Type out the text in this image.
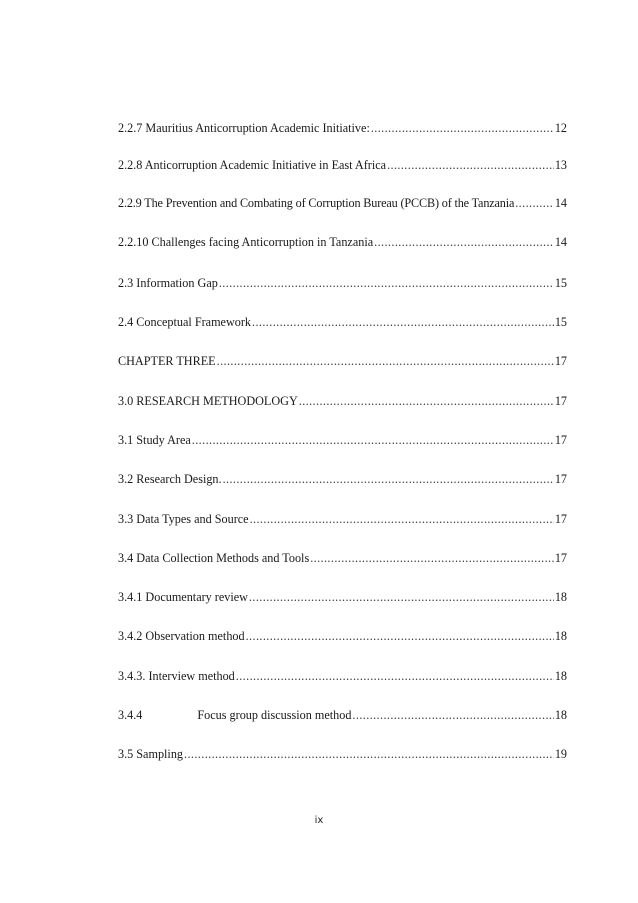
2.2.7 Mauritius Anticorruption Academic Initiative: .....	12
2.2.8 Anticorruption Academic Initiative in East Africa .....	13
2.2.9 The Prevention and Combating of Corruption Bureau (PCCB) of the Tanzania .....	14
2.2.10 Challenges facing Anticorruption in Tanzania .....	14
2.3 Information Gap .....	15
2.4 Conceptual Framework .....	15
CHAPTER THREE .....	17
3.0 RESEARCH METHODOLOGY .....	17
3.1 Study Area .....	17
3.2 Research Design. .....	17
3.3 Data Types and Source .....	17
3.4 Data Collection Methods and Tools .....	17
3.4.1 Documentary review .....	18
3.4.2 Observation method .....	18
3.4.3. Interview method .....	18
3.4.4	Focus group discussion method .....	18
3.5 Sampling .....	19
ix
